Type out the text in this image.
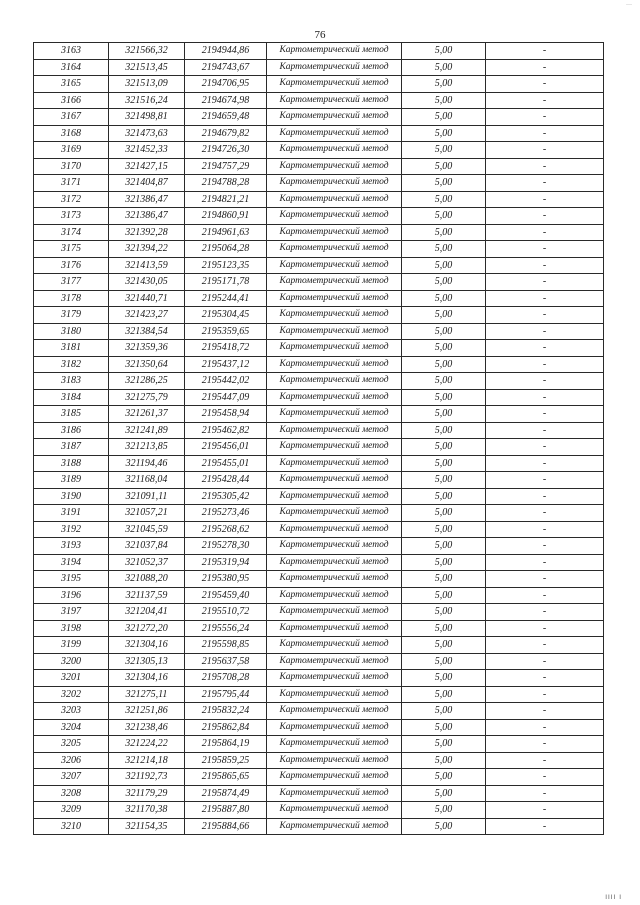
…
76
3163	321566,32	2194944,86	Картометрический метод	5,00	-
3164	321513,45	2194743,67	Картометрический метод	5,00	-
3165	321513,09	2194706,95	Картометрический метод	5,00	-
3166	321516,24	2194674,98	Картометрический метод	5,00	-
3167	321498,81	2194659,48	Картометрический метод	5,00	-
3168	321473,63	2194679,82	Картометрический метод	5,00	-
3169	321452,33	2194726,30	Картометрический метод	5,00	-
3170	321427,15	2194757,29	Картометрический метод	5,00	-
3171	321404,87	2194788,28	Картометрический метод	5,00	-
3172	321386,47	2194821,21	Картометрический метод	5,00	-
3173	321386,47	2194860,91	Картометрический метод	5,00	-
3174	321392,28	2194961,63	Картометрический метод	5,00	-
3175	321394,22	2195064,28	Картометрический метод	5,00	-
3176	321413,59	2195123,35	Картометрический метод	5,00	-
3177	321430,05	2195171,78	Картометрический метод	5,00	-
3178	321440,71	2195244,41	Картометрический метод	5,00	-
3179	321423,27	2195304,45	Картометрический метод	5,00	-
3180	321384,54	2195359,65	Картометрический метод	5,00	-
3181	321359,36	2195418,72	Картометрический метод	5,00	-
3182	321350,64	2195437,12	Картометрический метод	5,00	-
3183	321286,25	2195442,02	Картометрический метод	5,00	-
3184	321275,79	2195447,09	Картометрический метод	5,00	-
3185	321261,37	2195458,94	Картометрический метод	5,00	-
3186	321241,89	2195462,82	Картометрический метод	5,00	-
3187	321213,85	2195456,01	Картометрический метод	5,00	-
3188	321194,46	2195455,01	Картометрический метод	5,00	-
3189	321168,04	2195428,44	Картометрический метод	5,00	-
3190	321091,11	2195305,42	Картометрический метод	5,00	-
3191	321057,21	2195273,46	Картометрический метод	5,00	-
3192	321045,59	2195268,62	Картометрический метод	5,00	-
3193	321037,84	2195278,30	Картометрический метод	5,00	-
3194	321052,37	2195319,94	Картометрический метод	5,00	-
3195	321088,20	2195380,95	Картометрический метод	5,00	-
3196	321137,59	2195459,40	Картометрический метод	5,00	-
3197	321204,41	2195510,72	Картометрический метод	5,00	-
3198	321272,20	2195556,24	Картометрический метод	5,00	-
3199	321304,16	2195598,85	Картометрический метод	5,00	-
3200	321305,13	2195637,58	Картометрический метод	5,00	-
3201	321304,16	2195708,28	Картометрический метод	5,00	-
3202	321275,11	2195795,44	Картометрический метод	5,00	-
3203	321251,86	2195832,24	Картометрический метод	5,00	-
3204	321238,46	2195862,84	Картометрический метод	5,00	-
3205	321224,22	2195864,19	Картометрический метод	5,00	-
3206	321214,18	2195859,25	Картометрический метод	5,00	-
3207	321192,73	2195865,65	Картометрический метод	5,00	-
3208	321179,29	2195874,49	Картометрический метод	5,00	-
3209	321170,38	2195887,80	Картометрический метод	5,00	-
3210	321154,35	2195884,66	Картометрический метод	5,00	-
IIII I
